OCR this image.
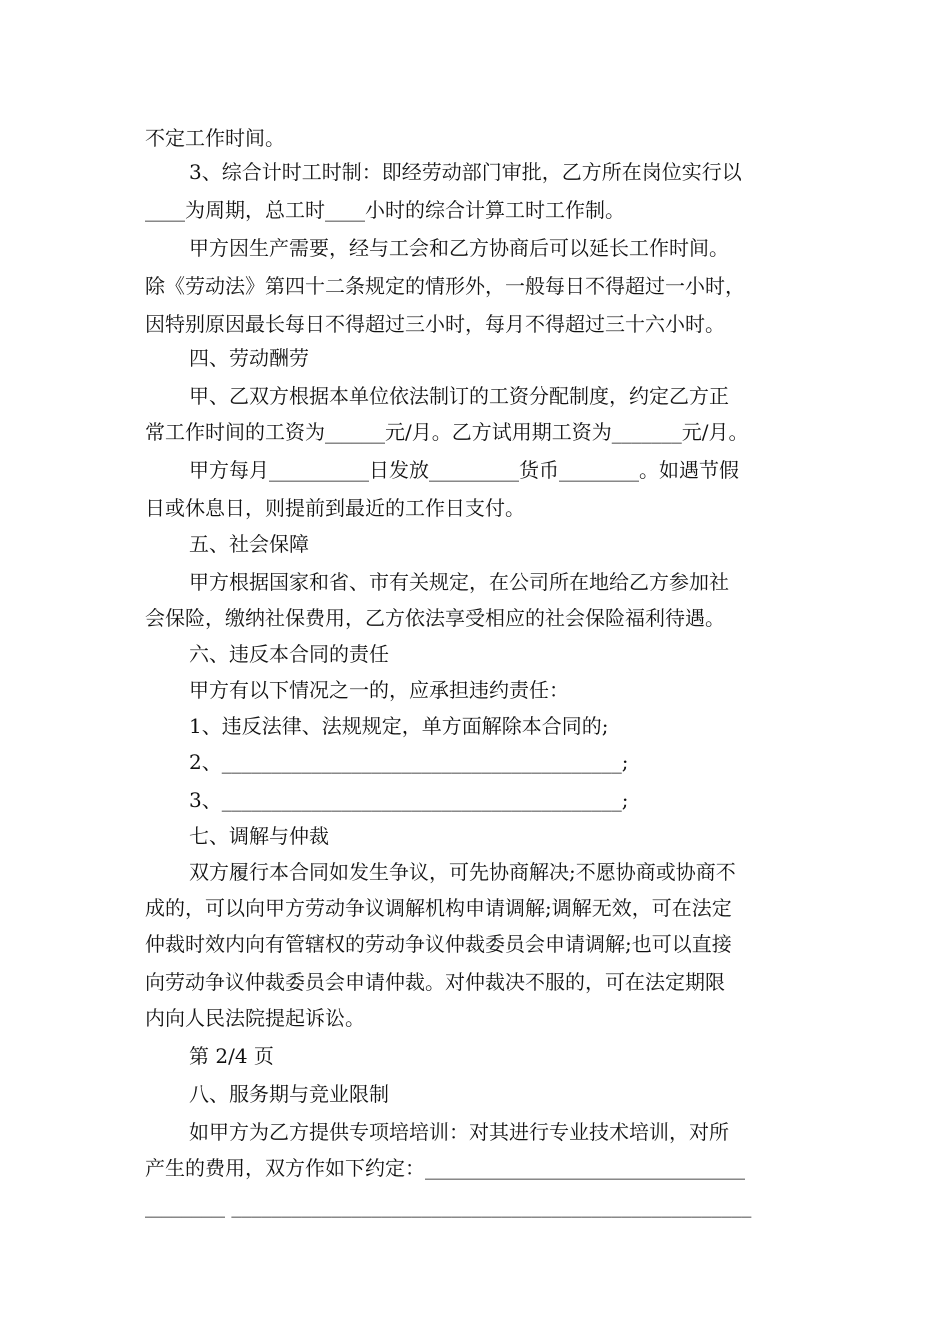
不定工作时间。
3、综合计时工时制：即经劳动部门审批，乙方所在岗位实行以
____为周期，总工时____小时的综合计算工时工作制。
甲方因生产需要，经与工会和乙方协商后可以延长工作时间。
除《劳动法》第四十二条规定的情形外，一般每日不得超过一小时，
因特别原因最长每日不得超过三小时，每月不得超过三十六小时。
四、劳动酬劳
甲、乙双方根据本单位依法制订的工资分配制度，约定乙方正
常工作时间的工资为______元/月。乙方试用期工资为_______元/月。
甲方每月__________日发放_________货币________。如遇节假
日或休息日，则提前到最近的工作日支付。
五、社会保障
甲方根据国家和省、市有关规定，在公司所在地给乙方参加社
会保险，缴纳社保费用，乙方依法享受相应的社会保险福利待遇。
六、违反本合同的责任
甲方有以下情况之一的，应承担违约责任：
1、违反法律、法规规定，单方面解除本合同的;
2、________________________________________;
3、________________________________________;
七、调解与仲裁
双方履行本合同如发生争议，可先协商解决;不愿协商或协商不
成的，可以向甲方劳动争议调解机构申请调解;调解无效，可在法定
仲裁时效内向有管辖权的劳动争议仲裁委员会申请调解;也可以直接
向劳动争议仲裁委员会申请仲裁。对仲裁决不服的，可在法定期限
内向人民法院提起诉讼。
第 2/4 页
八、服务期与竞业限制
如甲方为乙方提供专项培培训：对其进行专业技术培训，对所
产生的费用，双方作如下约定：________________________________
________ ____________________________________________________
